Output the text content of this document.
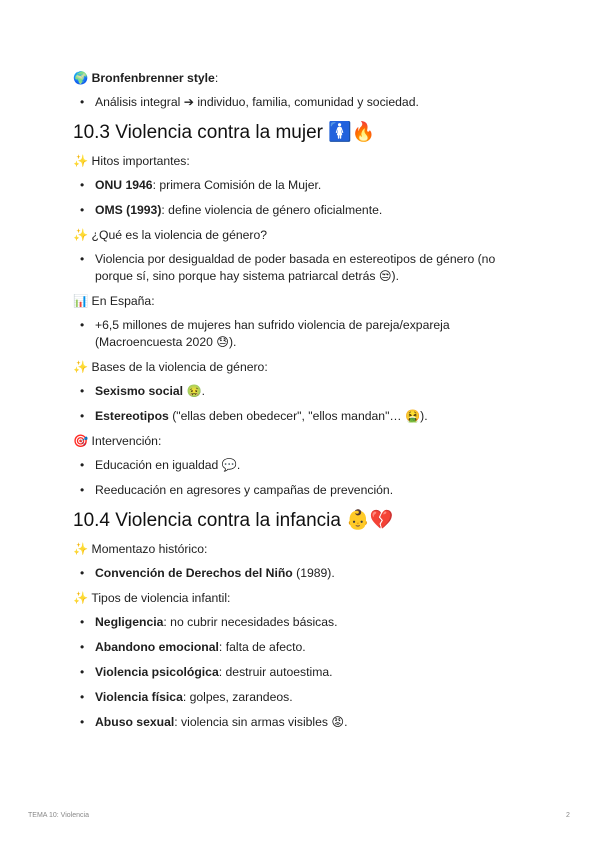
🌍 Bronfenbrenner style:

• Análisis integral ➔ individuo, familia, comunidad y sociedad.
10.3 Violencia contra la mujer 🚺🔥

✨ Hitos importantes:

• ONU 1946: primera Comisión de la Mujer.
• OMS (1993): define violencia de género oficialmente.

✨ ¿Qué es la violencia de género?

• Violencia por desigualdad de poder basada en estereotipos de género (no porque sí, sino porque hay sistema patriarcal detrás 😒).

📊 En España:

• +6,5 millones de mujeres han sufrido violencia de pareja/expareja (Macroencuesta 2020 😓).

✨ Bases de la violencia de género:

• Sexismo social 🤢.
• Estereotipos ("ellas deben obedecer", "ellos mandan"… 🤮).

🎯 Intervención:

• Educación en igualdad 💬.
• Reeducación en agresores y campañas de prevención.
10.4 Violencia contra la infancia 👶💔

✨ Momentazo histórico:

• Convención de Derechos del Niño (1989).

✨ Tipos de violencia infantil:

• Negligencia: no cubrir necesidades básicas.
• Abandono emocional: falta de afecto.
• Violencia psicológica: destruir autoestima.
• Violencia física: golpes, zarandeos.
• Abuso sexual: violencia sin armas visibles 😡.
TEMA 10: Violencia	2
